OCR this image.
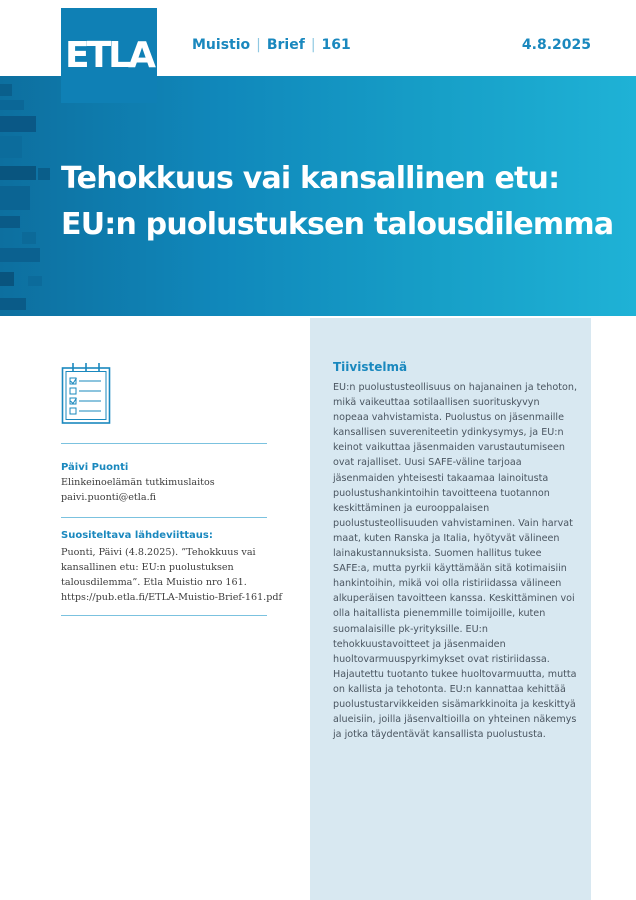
Muistio | Brief | 161	4.8.2025
ETLA
Tehokkuus vai kansallinen etu:
EU:n puolustuksen talousdilemma
Päivi Puonti
Elinkeinoelämän tutkimuslaitos
paivi.puonti@etla.fi
Suositeltava lähdeviittaus:

Puonti, Päivi (4.8.2025). ”Tehokkuus vai
kansallinen etu: EU:n puolustuksen
talousdilemma”. Etla Muistio nro 161.
https://pub.etla.fi/ETLA-Muistio-Brief-161.pdf

Tiivistelmä

EU:n puolustusteollisuus on hajanainen ja tehoton, mikä vaikeuttaa sotilaallisen suorituskyvyn nopeaa vahvistamista. Puolustus on jäsenmaille kansallisen suvereniteetin ydinkysymys, ja EU:n keinot vaikuttaa jäsenmaiden varustautumiseen ovat rajalliset. Uusi SAFE-väline tarjoaa jäsenmaiden yhteisesti takaamaa lainoitusta puolustushankintoihin tavoitteena tuotannon keskittäminen ja eurooppalaisen puolustusteollisuuden vahvistaminen. Vain harvat maat, kuten Ranska ja Italia, hyötyvät välineen lainakustannuksista. Suomen hallitus tukee SAFE:a, mutta pyrkii käyttämään sitä kotimaisiin hankintoihin, mikä voi olla ristiriidassa välineen alkuperäisen tavoitteen kanssa. Keskittäminen voi olla haitallista pienemmille toimijoille, kuten suomalaisille pk-yrityksille. EU:n tehokkuustavoitteet ja jäsenmaiden huoltovarmuuspyrkimykset ovat ristiriidassa. Hajautettu tuotanto tukee huoltovarmuutta, mutta on kallista ja tehotonta. EU:n kannattaa kehittää puolustustarvikkeiden sisämarkkinoita ja keskittyä alueisiin, joilla jäsenvaltioilla on yhteinen näkemys ja jotka täydentävät kansallista puolustusta.
